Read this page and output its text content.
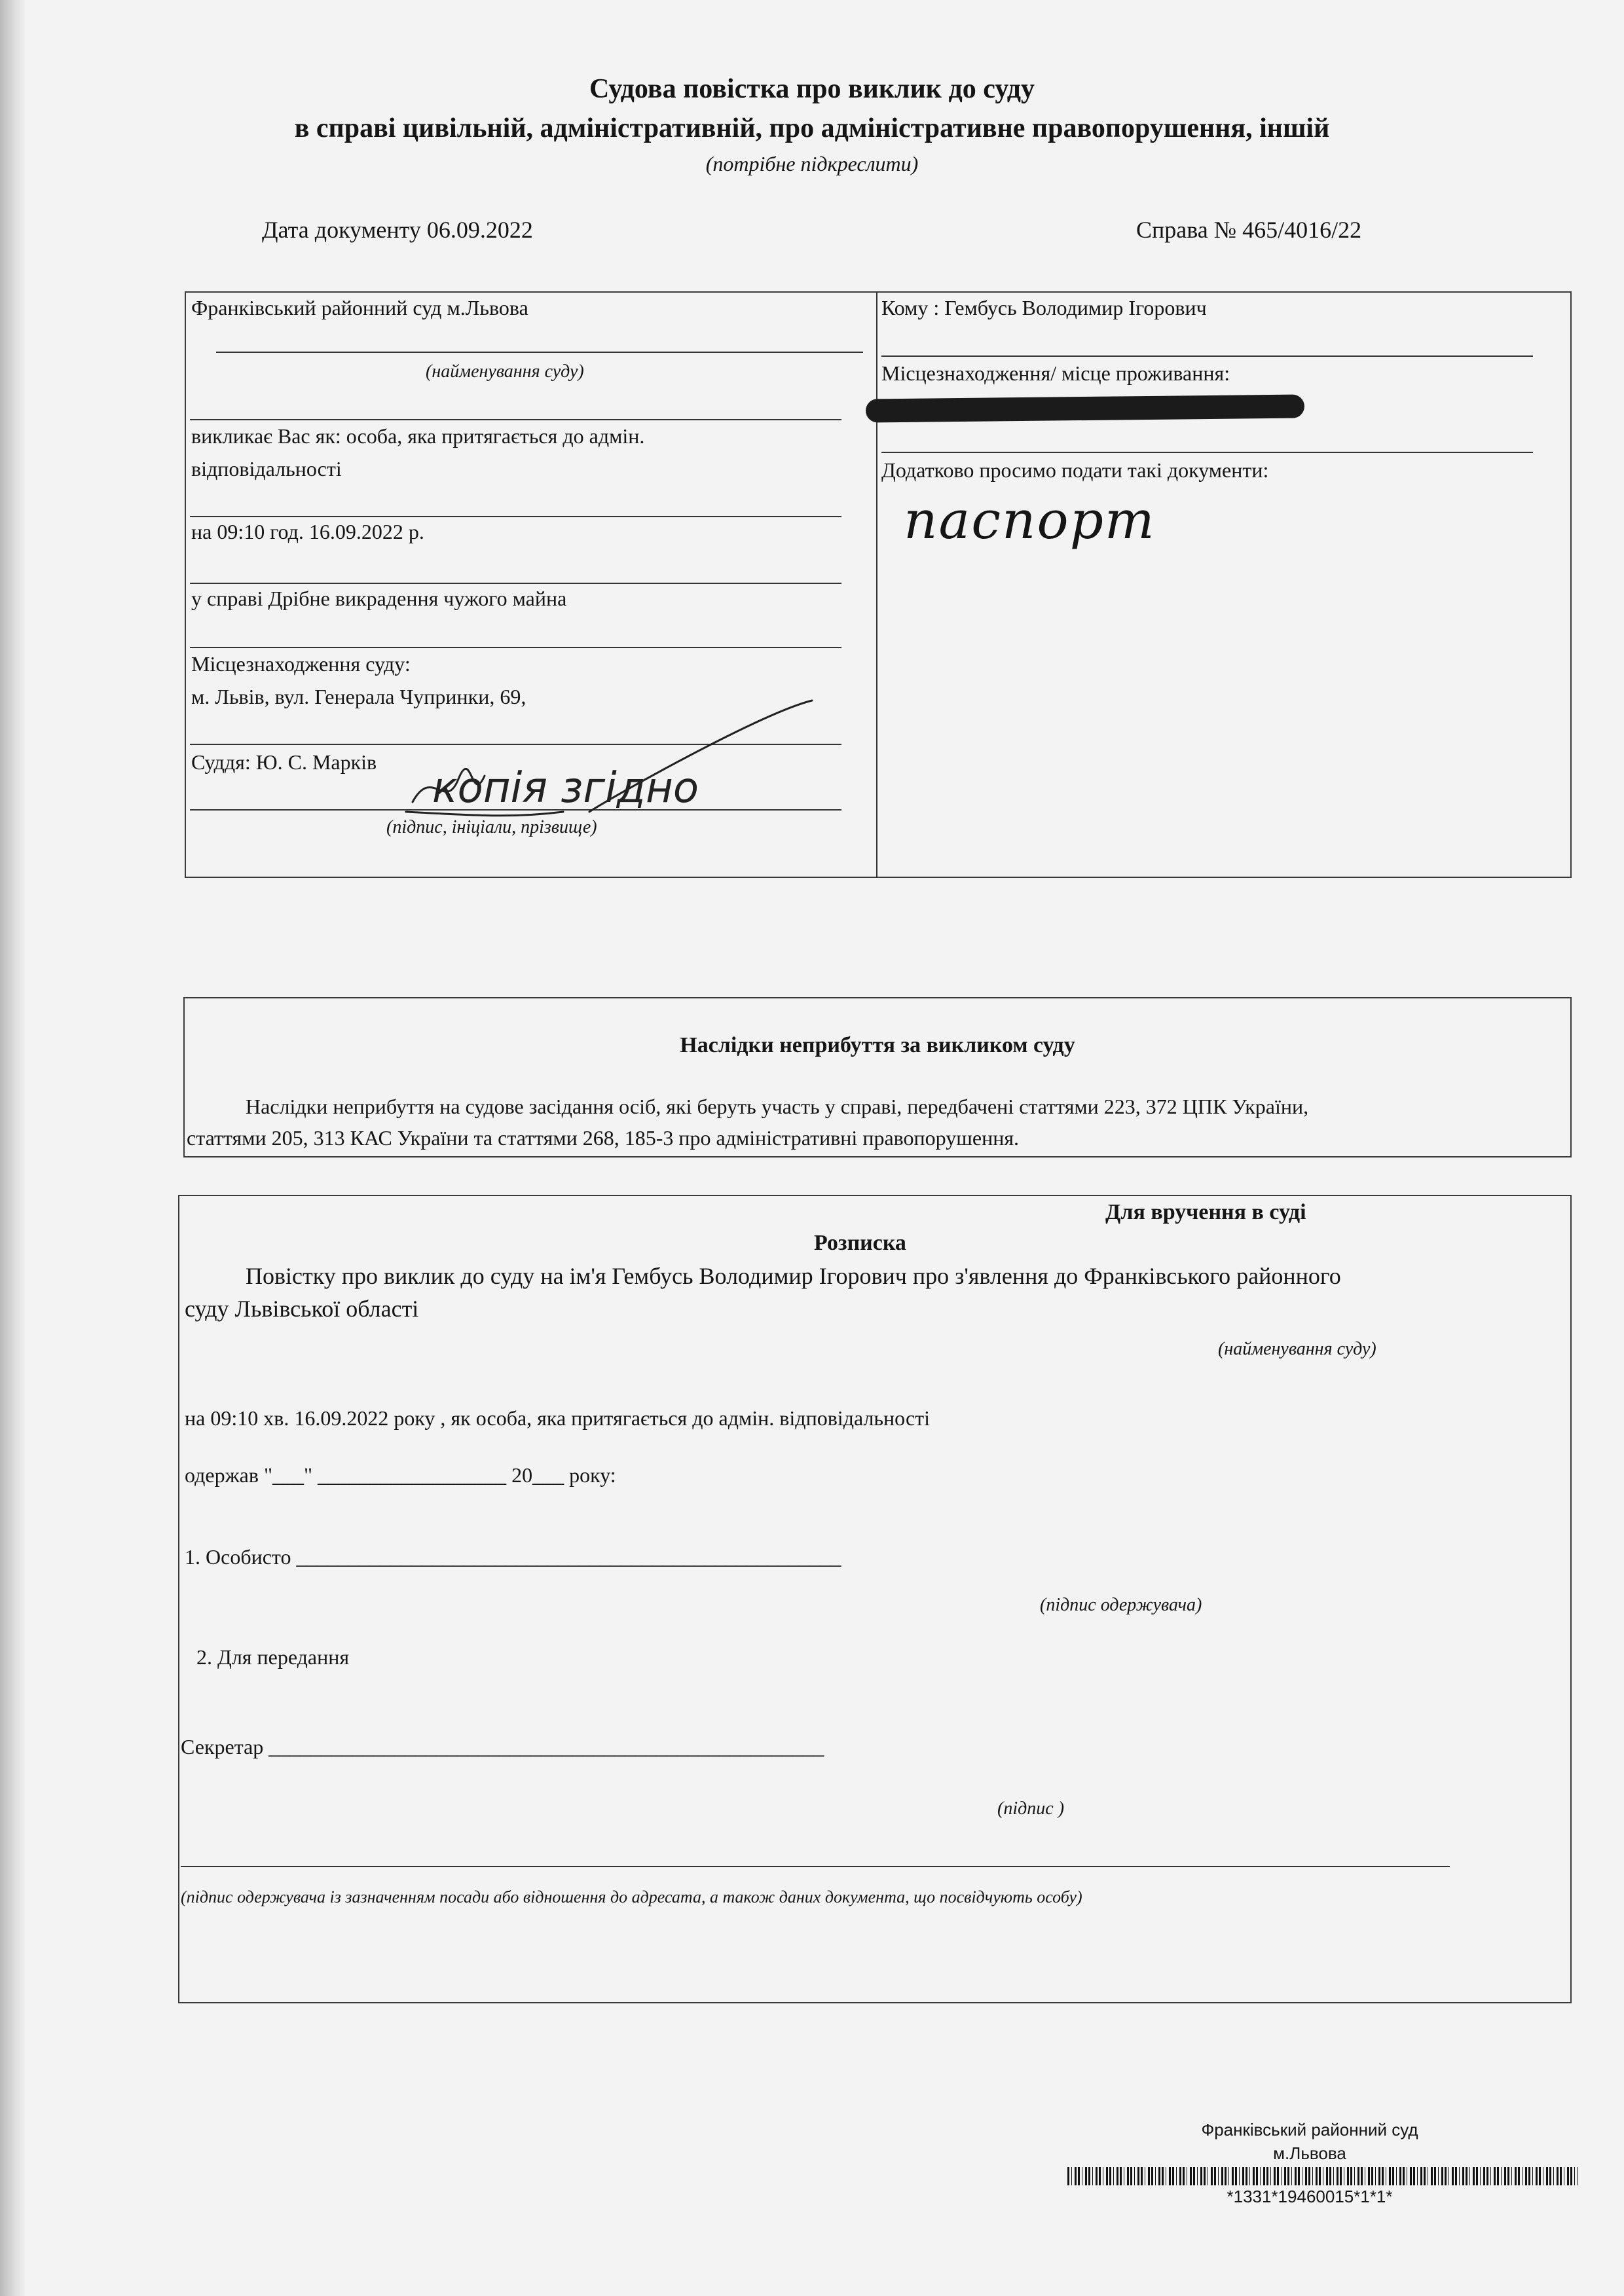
Судова повістка про виклик до суду
в справі цивільній, адміністративній, про адміністративне правопорушення, іншій
(потрібне підкреслити)
Дата документу 06.09.2022	Справа № 465/4016/22
Франківський районний суд м.Львова
(найменування суду)
викликає Вас як: особа, яка притягається до адмін.
відповідальності
на 09:10 год. 16.09.2022 р.
у справі Дрібне викрадення чужого майна
Місцезнаходження суду:
м. Львів, вул. Генерала Чупринки, 69,
Суддя: Ю. С. Марків
(підпис, ініціали, прізвище)
копія згідно
Кому : Гембусь Володимир Ігорович
Місцезнаходження/ місце проживання:
Додатково просимо подати такі документи:
паспорт
Наслідки неприбуття за викликом суду
Наслідки неприбуття на судове засідання осіб, які беруть участь у справі, передбачені статтями 223, 372 ЦПК України,
статтями 205, 313 КАС України та статтями 268, 185-3 про адміністративні правопорушення.
Для вручення в суді
Розписка
Повістку про виклик до суду на ім'я Гембусь Володимир Ігорович про з'явлення до Франківського районного
суду Львівської області
(найменування суду)
на 09:10 хв. 16.09.2022 року , як особа, яка притягається до адмін. відповідальності
одержав "___" __________________ 20___ року:
1. Особисто ____________________________________________________
(підпис одержувача)
2. Для передання
Секретар _____________________________________________________
(підпис )
(підпис одержувача із зазначенням посади або відношення до адресата, а також даних документа, що посвідчують особу)
Франківський районний суд
м.Львова
*1331*19460015*1*1*
